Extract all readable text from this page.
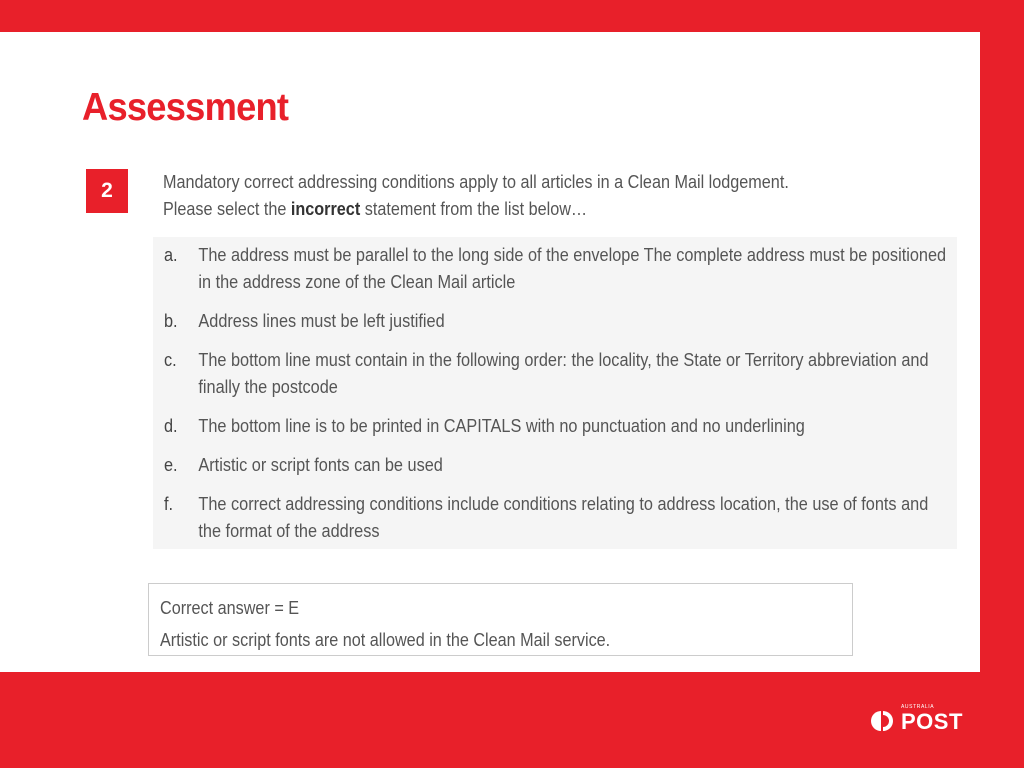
Assessment
2	Mandatory correct addressing conditions apply to all articles in a Clean Mail lodgement.
Please select the incorrect statement from the list below…
a.	The address must be parallel to the long side of the envelope The complete address must be positioned in the address zone of the Clean Mail article
b.	Address lines must be left justified
c.	The bottom line must contain in the following order: the locality, the State or Territory abbreviation and finally the postcode
d.	The bottom line is to be printed in CAPITALS with no punctuation and no underlining
e.	Artistic or script fonts can be used
f.	The correct addressing conditions include conditions relating to address location, the use of fonts and the format of the address
Correct answer = E
Artistic or script fonts are not allowed in the Clean Mail service.
AUSTRALIA
POST
